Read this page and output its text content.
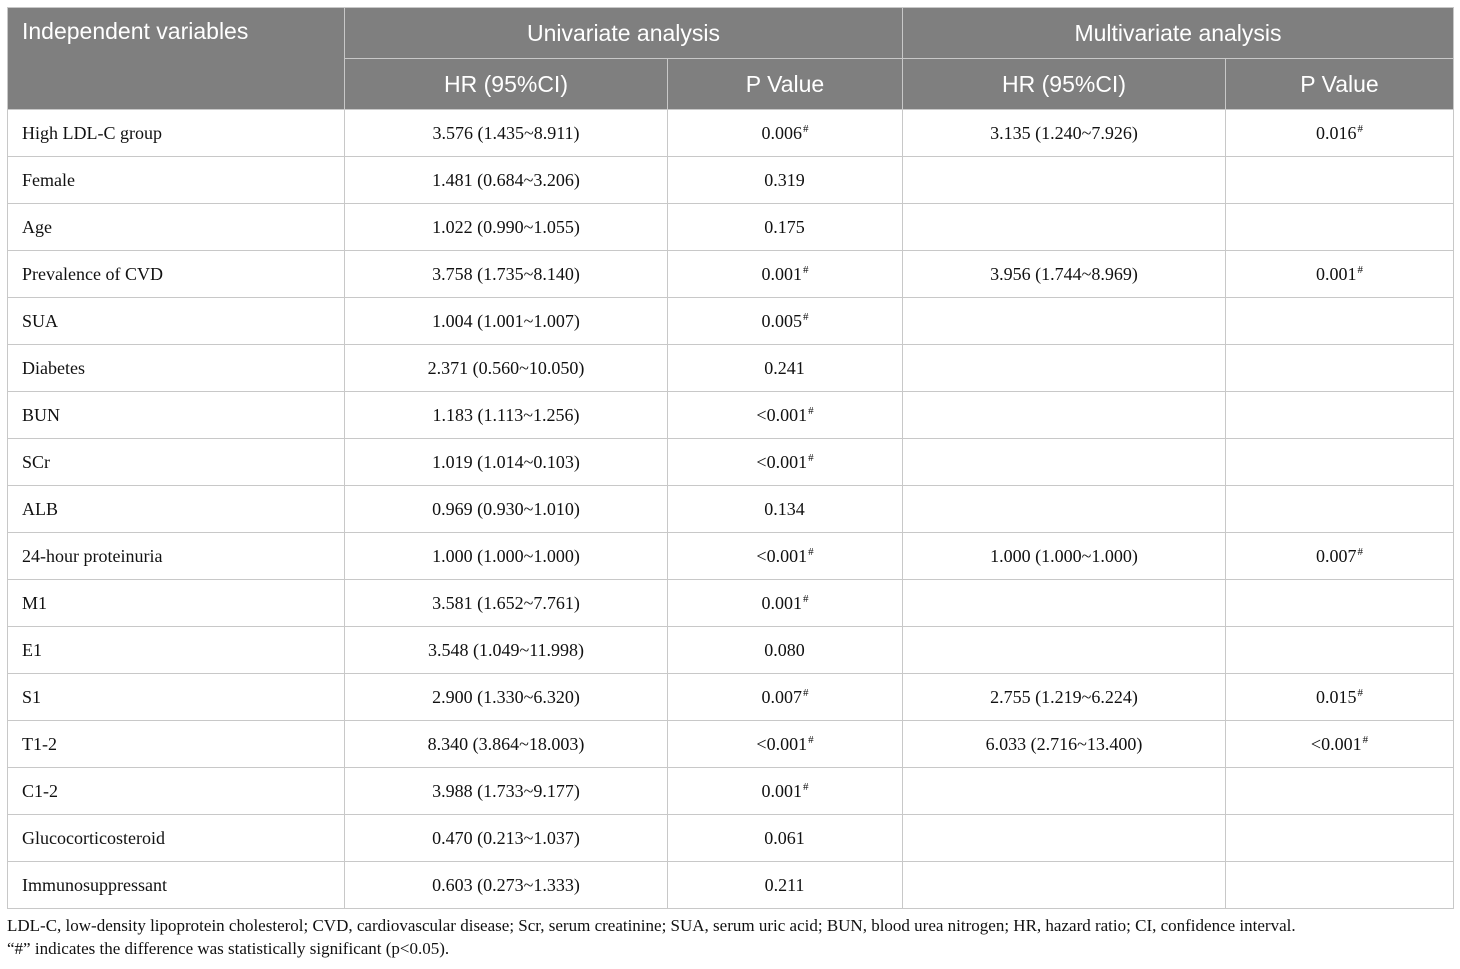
Independent variables	Univariate analysis		Multivariate analysis	
	HR (95%CI)	P Value	HR (95%CI)	P Value
High LDL-C group	3.576 (1.435~8.911)	0.006#	3.135 (1.240~7.926)	0.016#
Female	1.481 (0.684~3.206)	0.319		
Age	1.022 (0.990~1.055)	0.175		
Prevalence of CVD	3.758 (1.735~8.140)	0.001#	3.956 (1.744~8.969)	0.001#
SUA	1.004 (1.001~1.007)	0.005#		
Diabetes	2.371 (0.560~10.050)	0.241		
BUN	1.183 (1.113~1.256)	<0.001#		
SCr	1.019 (1.014~0.103)	<0.001#		
ALB	0.969 (0.930~1.010)	0.134		
24-hour proteinuria	1.000 (1.000~1.000)	<0.001#	1.000 (1.000~1.000)	0.007#
M1	3.581 (1.652~7.761)	0.001#		
E1	3.548 (1.049~11.998)	0.080		
S1	2.900 (1.330~6.320)	0.007#	2.755 (1.219~6.224)	0.015#
T1-2	8.340 (3.864~18.003)	<0.001#	6.033 (2.716~13.400)	<0.001#
C1-2	3.988 (1.733~9.177)	0.001#		
Glucocorticosteroid	0.470 (0.213~1.037)	0.061		
Immunosuppressant	0.603 (0.273~1.333)	0.211		

LDL-C, low-density lipoprotein cholesterol; CVD, cardiovascular disease; Scr, serum creatinine; SUA, serum uric acid; BUN, blood urea nitrogen; HR, hazard ratio; CI, confidence interval.

“#” indicates the difference was statistically significant (p<0.05).
